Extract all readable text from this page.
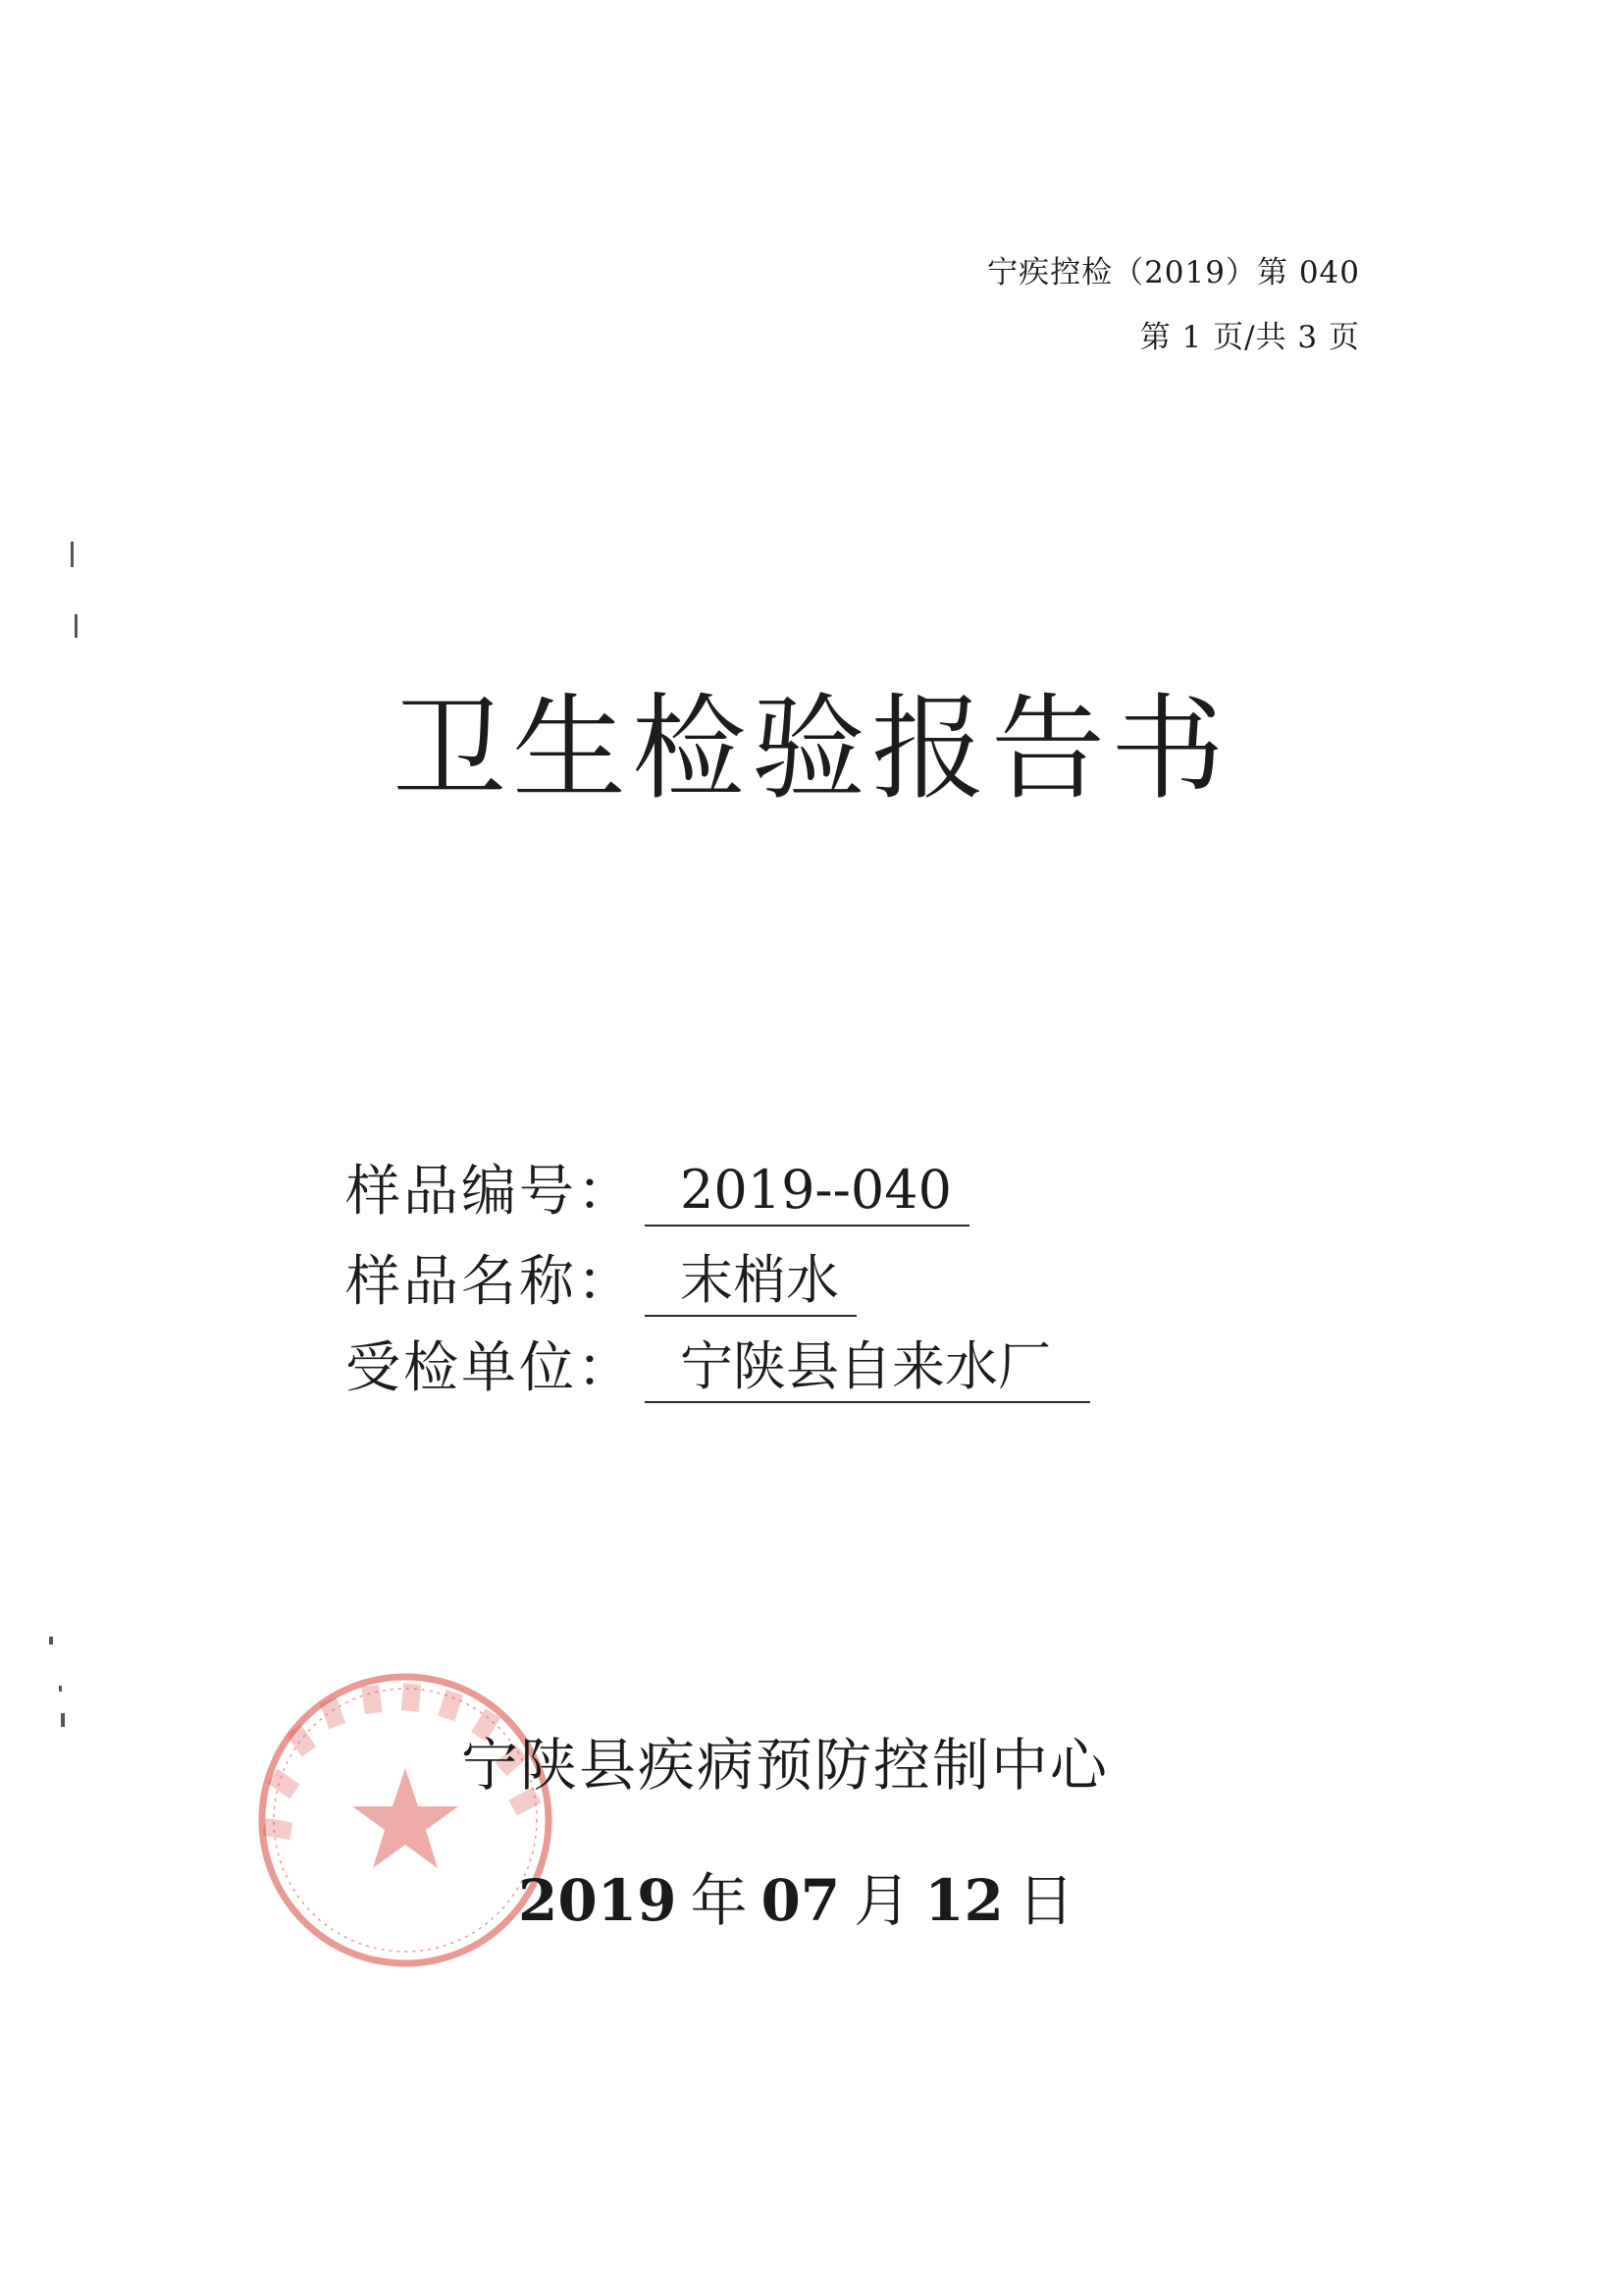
宁疾控检（2019）第 040
第 1 页/共 3 页
卫生检验报告书
样品编号： 2019--040
样品名称： 末梢水
受检单位： 宁陕县自来水厂
宁陕县疾病预防控制中心
2019 年 07 月 12 日
